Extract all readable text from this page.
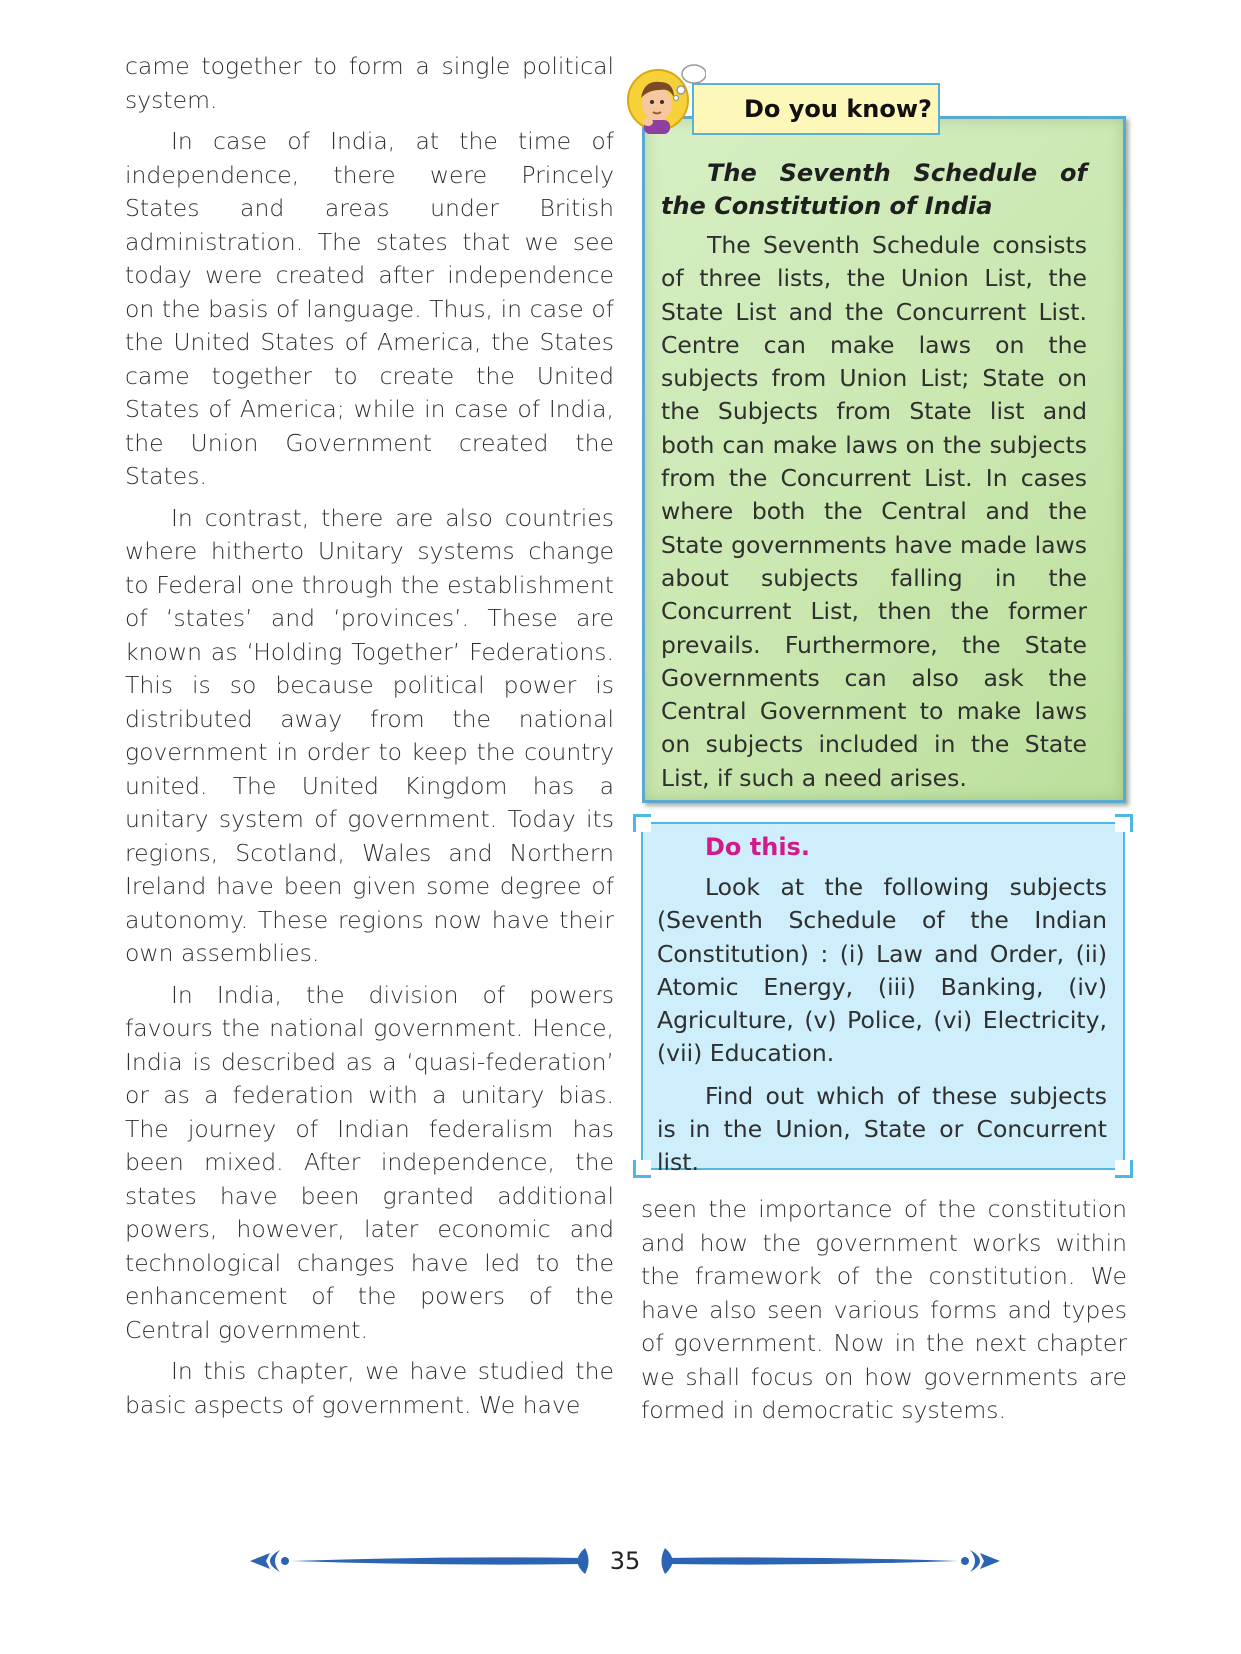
came together to form a single political system.

In case of India, at the time of independence, there were Princely States and areas under British administration. The states that we see today were created after independence on the basis of language. Thus, in case of the United States of America, the States came together to create the United States of America; while in case of India, the Union Government created the States.

In contrast, there are also countries where hitherto Unitary systems change to Federal one through the establishment of ‘states’ and ‘provinces’. These are known as ‘Holding Together’ Federations. This is so because political power is distributed away from the national government in order to keep the country united. The United Kingdom has a unitary system of government. Today its regions, Scotland, Wales and Northern Ireland have been given some degree of autonomy. These regions now have their own assemblies.

In India, the division of powers favours the national government. Hence, India is described as a ‘quasi-federation’ or as a federation with a unitary bias. The journey of Indian federalism has been mixed. After independence, the states have been granted additional powers, however, later economic and technological changes have led to the enhancement of the powers of the Central government.

In this chapter, we have studied the basic aspects of government. We have

The Seventh Schedule of the Constitution of India

The Seventh Schedule consists of three lists, the Union List, the State List and the Concurrent List. Centre can make laws on the subjects from Union List; State on the Subjects from State list and both can make laws on the subjects from the Concurrent List. In cases where both the Central and the State governments have made laws about subjects falling in the Concurrent List, then the former prevails. Furthermore, the State Governments can also ask the Central Government to make laws on subjects included in the State List, if such a need arises.

Do you know?

Do this.

Look at the following subjects (Seventh Schedule of the Indian Constitution) : (i) Law and Order, (ii) Atomic Energy, (iii) Banking, (iv) Agriculture, (v) Police, (vi) Electricity, (vii) Education.

Find out which of these subjects is in the Union, State or Concurrent list.

seen the importance of the constitution and how the government works within the framework of the constitution. We have also seen various forms and types of government. Now in the next chapter we shall focus on how governments are formed in democratic systems.

35
